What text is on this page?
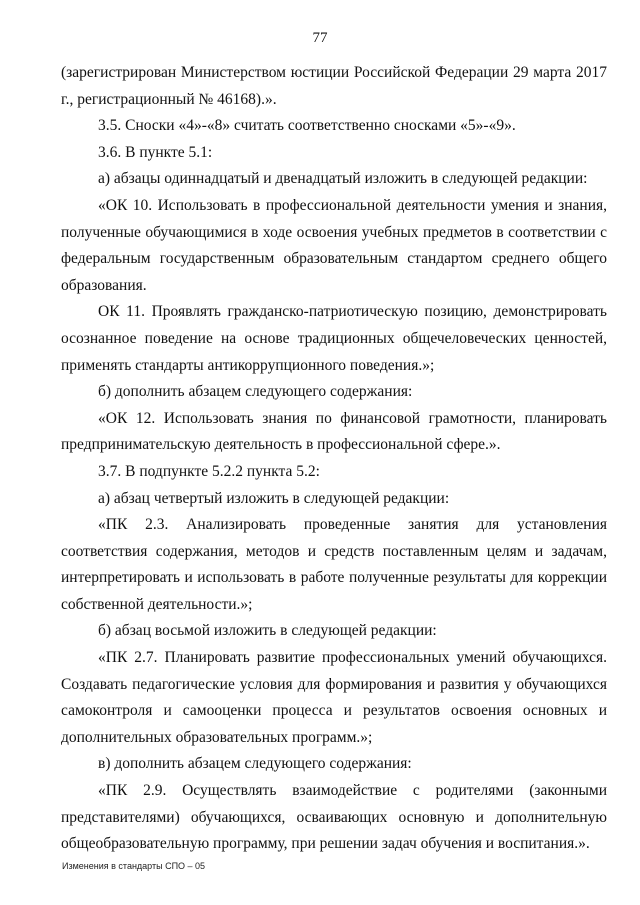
77

(зарегистрирован Министерством юстиции Российской Федерации 29 марта 2017 г., регистрационный № 46168).».

3.5. Сноски «4»-«8» считать соответственно сносками «5»-«9».

3.6. В пункте 5.1:

а) абзацы одиннадцатый и двенадцатый изложить в следующей редакции:

«ОК 10. Использовать в профессиональной деятельности умения и знания, полученные обучающимися в ходе освоения учебных предметов в соответствии с федеральным государственным образовательным стандартом среднего общего образования.

ОК 11. Проявлять гражданско-патриотическую позицию, демонстрировать осознанное поведение на основе традиционных общечеловеческих ценностей, применять стандарты антикоррупционного поведения.»;

б) дополнить абзацем следующего содержания:

«ОК 12. Использовать знания по финансовой грамотности, планировать предпринимательскую деятельность в профессиональной сфере.».

3.7. В подпункте 5.2.2 пункта 5.2:

а) абзац четвертый изложить в следующей редакции:

«ПК 2.3. Анализировать проведенные занятия для установления соответствия содержания, методов и средств поставленным целям и задачам, интерпретировать и использовать в работе полученные результаты для коррекции собственной деятельности.»;

б) абзац восьмой изложить в следующей редакции:

«ПК 2.7. Планировать развитие профессиональных умений обучающихся. Создавать педагогические условия для формирования и развития у обучающихся самоконтроля и самооценки процесса и результатов освоения основных и дополнительных образовательных программ.»;

в) дополнить абзацем следующего содержания:

«ПК 2.9. Осуществлять взаимодействие с родителями (законными представителями) обучающихся, осваивающих основную и дополнительную общеобразовательную программу, при решении задач обучения и воспитания.».

Изменения в стандарты СПО – 05
